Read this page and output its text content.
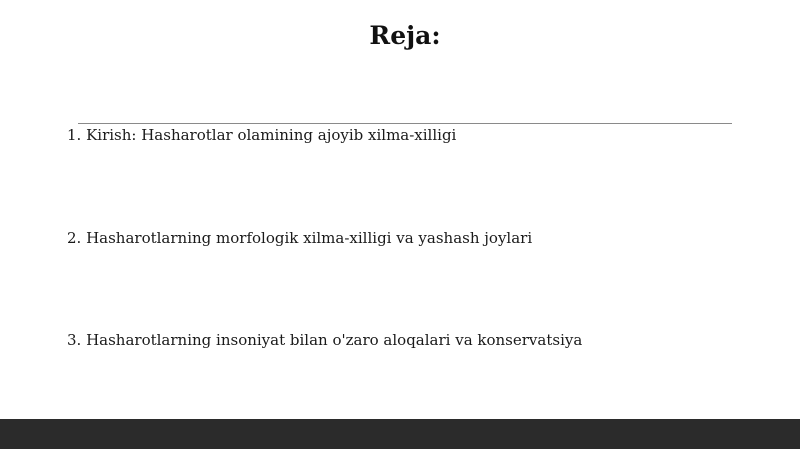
Reja:
1. Kirish: Hasharotlar olamining ajoyib xilma-xilligi
2. Hasharotlarning morfologik xilma-xilligi va yashash joylari
3. Hasharotlarning insoniyat bilan o'zaro aloqalari va konservatsiya
